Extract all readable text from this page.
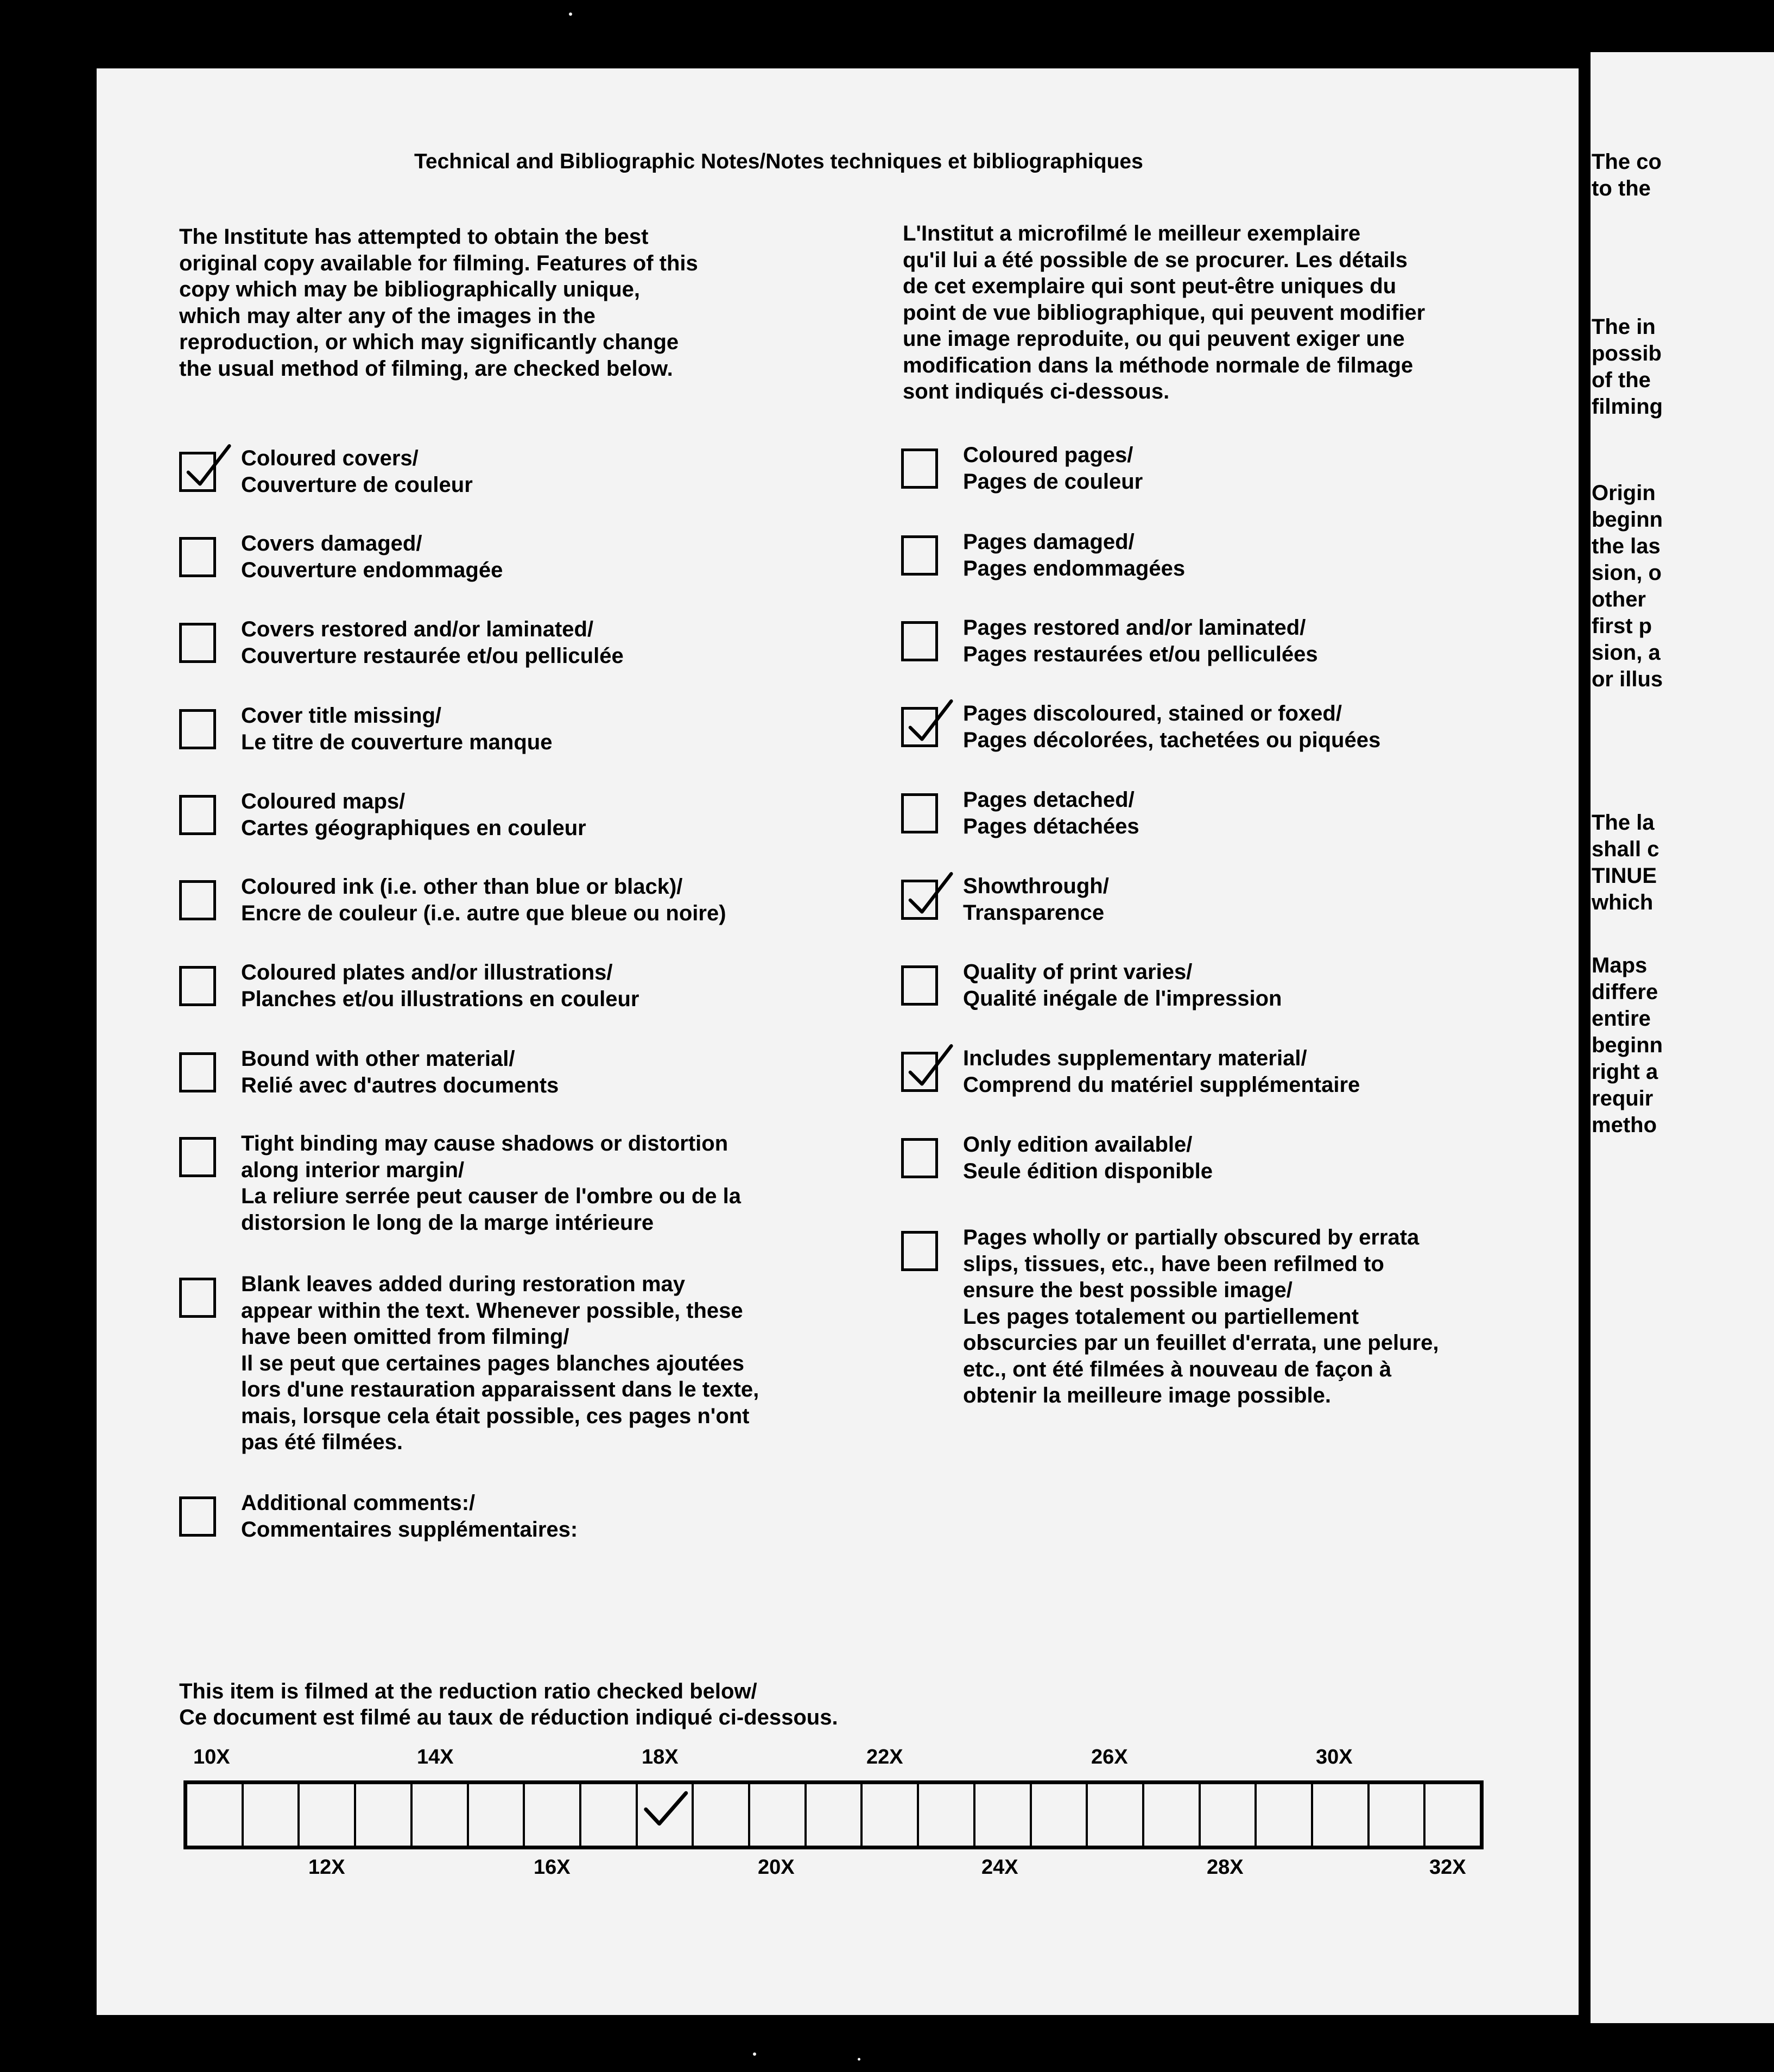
Technical and Bibliographic Notes/Notes techniques et bibliographiques
The Institute has attempted to obtain the best
original copy available for filming. Features of this
copy which may be bibliographically unique,
which may alter any of the images in the
reproduction, or which may significantly change
the usual method of filming, are checked below.
L'Institut a microfilmé le meilleur exemplaire
qu'il lui a été possible de se procurer. Les détails
de cet exemplaire qui sont peut-être uniques du
point de vue bibliographique, qui peuvent modifier
une image reproduite, ou qui peuvent exiger une
modification dans la méthode normale de filmage
sont indiqués ci-dessous.
Coloured covers/
Couverture de couleur
Covers damaged/
Couverture endommagée
Covers restored and/or laminated/
Couverture restaurée et/ou pelliculée
Cover title missing/
Le titre de couverture manque
Coloured maps/
Cartes géographiques en couleur
Coloured ink (i.e. other than blue or black)/
Encre de couleur (i.e. autre que bleue ou noire)
Coloured plates and/or illustrations/
Planches et/ou illustrations en couleur
Bound with other material/
Relié avec d'autres documents
Tight binding may cause shadows or distortion
along interior margin/
La reliure serrée peut causer de l'ombre ou de la
distorsion le long de la marge intérieure
Blank leaves added during restoration may
appear within the text. Whenever possible, these
have been omitted from filming/
Il se peut que certaines pages blanches ajoutées
lors d'une restauration apparaissent dans le texte,
mais, lorsque cela était possible, ces pages n'ont
pas été filmées.
Additional comments:/
Commentaires supplémentaires:
Coloured pages/
Pages de couleur
Pages damaged/
Pages endommagées
Pages restored and/or laminated/
Pages restaurées et/ou pelliculées
Pages discoloured, stained or foxed/
Pages décolorées, tachetées ou piquées
Pages detached/
Pages détachées
Showthrough/
Transparence
Quality of print varies/
Qualité inégale de l'impression
Includes supplementary material/
Comprend du matériel supplémentaire
Only edition available/
Seule édition disponible
Pages wholly or partially obscured by errata
slips, tissues, etc., have been refilmed to
ensure the best possible image/
Les pages totalement ou partiellement
obscurcies par un feuillet d'errata, une pelure,
etc., ont été filmées à nouveau de façon à
obtenir la meilleure image possible.
This item is filmed at the reduction ratio checked below/
Ce document est filmé au taux de réduction indiqué ci-dessous.
10X	14X	18X	22X	26X	30X
12X	16X	20X	24X	28X	32X
The co
to the
The in
possib
of the
filming
Origin
beginn
the las
sion, o
other
first p
sion, a
or illus
The la
shall c
TINUE
which
Maps
differe
entire
beginn
right a
requir
metho
